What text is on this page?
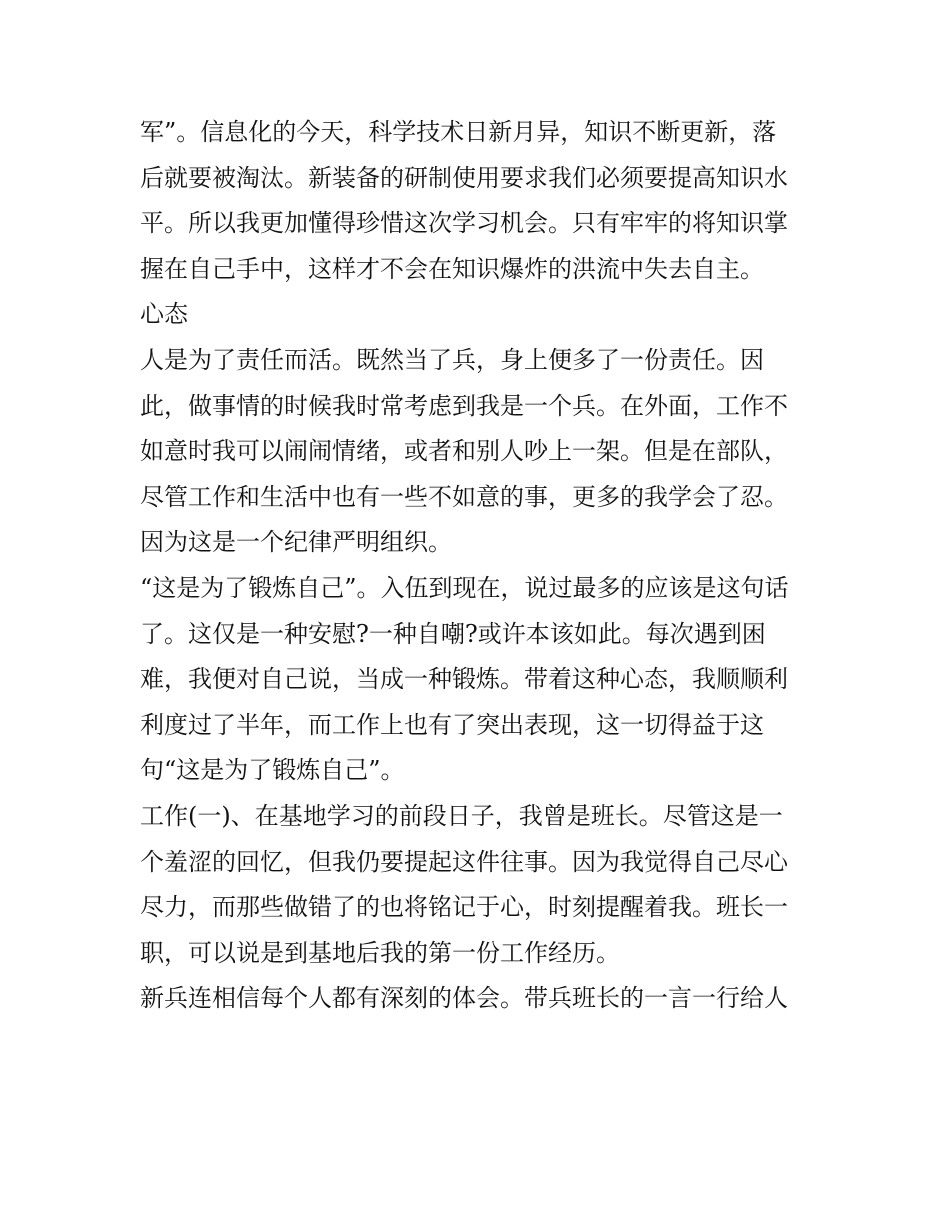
军”。信息化的今天，科学技术日新月异，知识不断更新，落
后就要被淘汰。新装备的研制使用要求我们必须要提高知识水
平。所以我更加懂得珍惜这次学习机会。只有牢牢的将知识掌
握在自己手中，这样才不会在知识爆炸的洪流中失去自主。
心态
人是为了责任而活。既然当了兵，身上便多了一份责任。因
此，做事情的时候我时常考虑到我是一个兵。在外面，工作不
如意时我可以闹闹情绪，或者和别人吵上一架。但是在部队，
尽管工作和生活中也有一些不如意的事，更多的我学会了忍。
因为这是一个纪律严明组织。
“这是为了锻炼自己”。入伍到现在，说过最多的应该是这句话
了。这仅是一种安慰?一种自嘲?或许本该如此。每次遇到困
难，我便对自己说，当成一种锻炼。带着这种心态，我顺顺利
利度过了半年，而工作上也有了突出表现，这一切得益于这
句“这是为了锻炼自己”。
工作(一)、在基地学习的前段日子，我曾是班长。尽管这是一
个羞涩的回忆，但我仍要提起这件往事。因为我觉得自己尽心
尽力，而那些做错了的也将铭记于心，时刻提醒着我。班长一
职，可以说是到基地后我的第一份工作经历。
新兵连相信每个人都有深刻的体会。带兵班长的一言一行给人
